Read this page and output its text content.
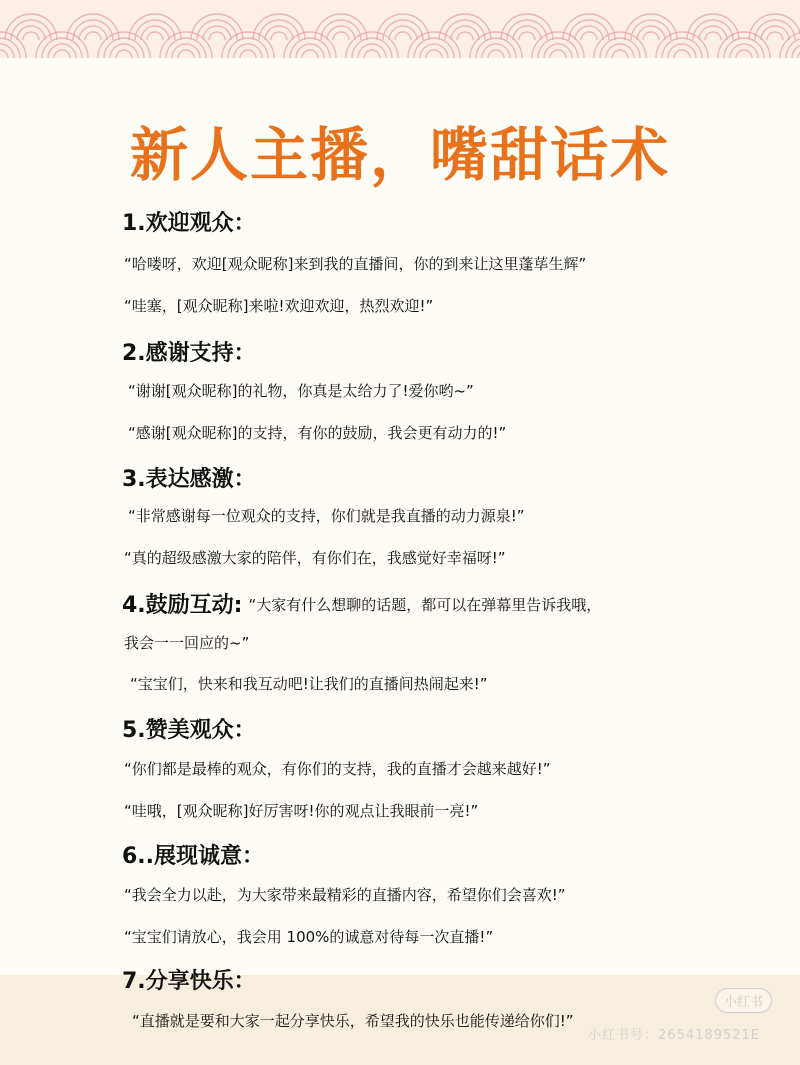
新人主播，嘴甜话术
1.欢迎观众：
“哈喽呀，欢迎[观众昵称]来到我的直播间，你的到来让这里蓬荜生辉”
“哇塞，[观众昵称]来啦!欢迎欢迎，热烈欢迎!”
2.感谢支持：
“谢谢[观众昵称]的礼物，你真是太给力了!爱你哟~”
“感谢[观众昵称]的支持，有你的鼓励，我会更有动力的!”
3.表达感激：
“非常感谢每一位观众的支持，你们就是我直播的动力源泉!”
“真的超级感激大家的陪伴，有你们在，我感觉好幸福呀!”
4.鼓励互动: “大家有什么想聊的话题，都可以在弹幕里告诉我哦，
我会一一回应的~”
“宝宝们，快来和我互动吧!让我们的直播间热闹起来!”
5.赞美观众：
“你们都是最棒的观众，有你们的支持，我的直播才会越来越好!”
“哇哦，[观众昵称]好厉害呀!你的观点让我眼前一亮!”
6..展现诚意：
“我会全力以赴，为大家带来最精彩的直播内容，希望你们会喜欢!”
“宝宝们请放心，我会用 100%的诚意对待每一次直播!”
7.分享快乐：
“直播就是要和大家一起分享快乐，希望我的快乐也能传递给你们!”
小红书
小红书号：2654189521E
